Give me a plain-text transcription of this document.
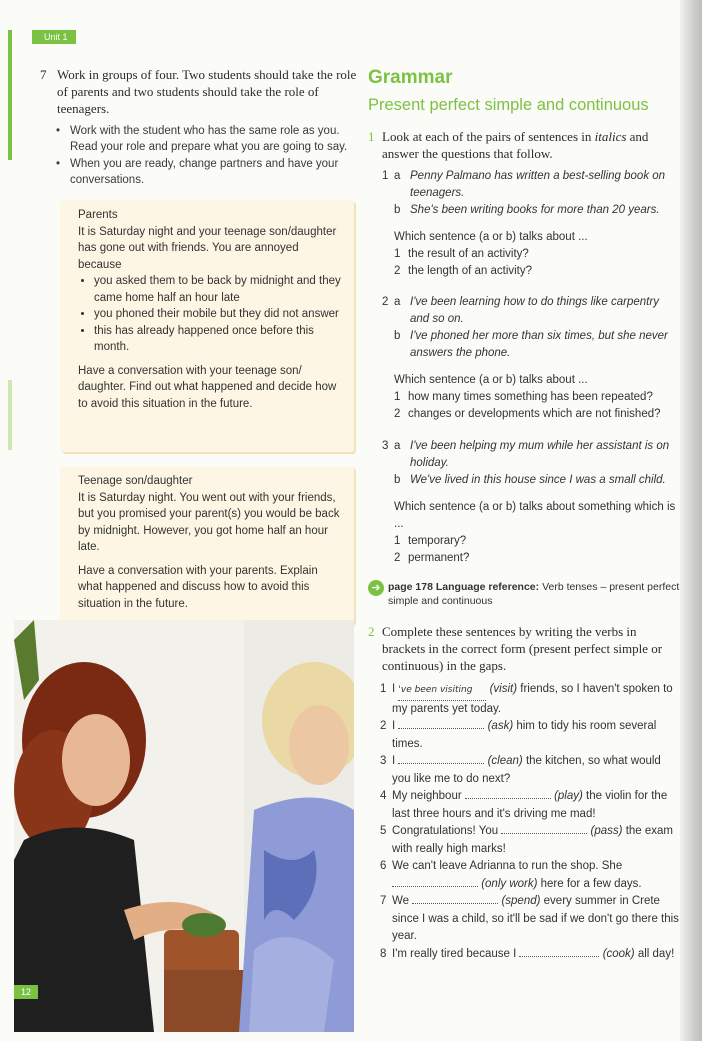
Unit 1
7 Work in groups of four. Two students should take the role of parents and two students should take the role of teenagers.
• Work with the student who has the same role as you. Read your role and prepare what you are going to say.
• When you are ready, change partners and have your conversations.

Parents

It is Saturday night and your teenage son/daughter has gone out with friends. You are annoyed because

• you asked them to be back by midnight and they came home half an hour late
• you phoned their mobile but they did not answer
• this has already happened once before this month.

Have a conversation with your teenage son/ daughter. Find out what happened and decide how to avoid this situation in the future.

Teenage son/daughter

It is Saturday night. You went out with your friends, but you promised your parent(s) you would be back by midnight. However, you got home half an hour late.

Have a conversation with your parents. Explain what happened and discuss how to avoid this situation in the future.

12
Grammar
Present perfect simple and continuous
1 Look at each of the pairs of sentences in italics and answer the questions that follow.
1 a Penny Palmano has written a best-selling book on teenagers.
b She's been writing books for more than 20 years.
Which sentence (a or b) talks about ...
1 the result of an activity?
2 the length of an activity?
2 a I've been learning how to do things like carpentry and so on.
b I've phoned her more than six times, but she never answers the phone.
Which sentence (a or b) talks about ...
1 how many times something has been repeated?
2 changes or developments which are not finished?
3 a I've been helping my mum while her assistant is on holiday.
b We've lived in this house since I was a small child.
Which sentence (a or b) talks about something which is ...
1 temporary?
2 permanent?
➜ page 178 Language reference: Verb tenses – present perfect simple and continuous
2 Complete these sentences by writing the verbs in brackets in the correct form (present perfect simple or continuous) in the gaps.
1 I 've been visiting (visit) friends, so I haven't spoken to my parents yet today.
2 I	(ask) him to tidy his room several times.
3 I	(clean) the kitchen, so what would you like me to do next?
4 My neighbour	(play) the violin for the last three hours and it's driving me mad!
5 Congratulations! You	(pass) the exam with really high marks!
6 We can't leave Adrianna to run the shop. She  (only work) here for a few days.
7 We	(spend) every summer in Crete since I was a child, so it'll be sad if we don't go there this year.
8 I'm really tired because I	(cook) all day!
